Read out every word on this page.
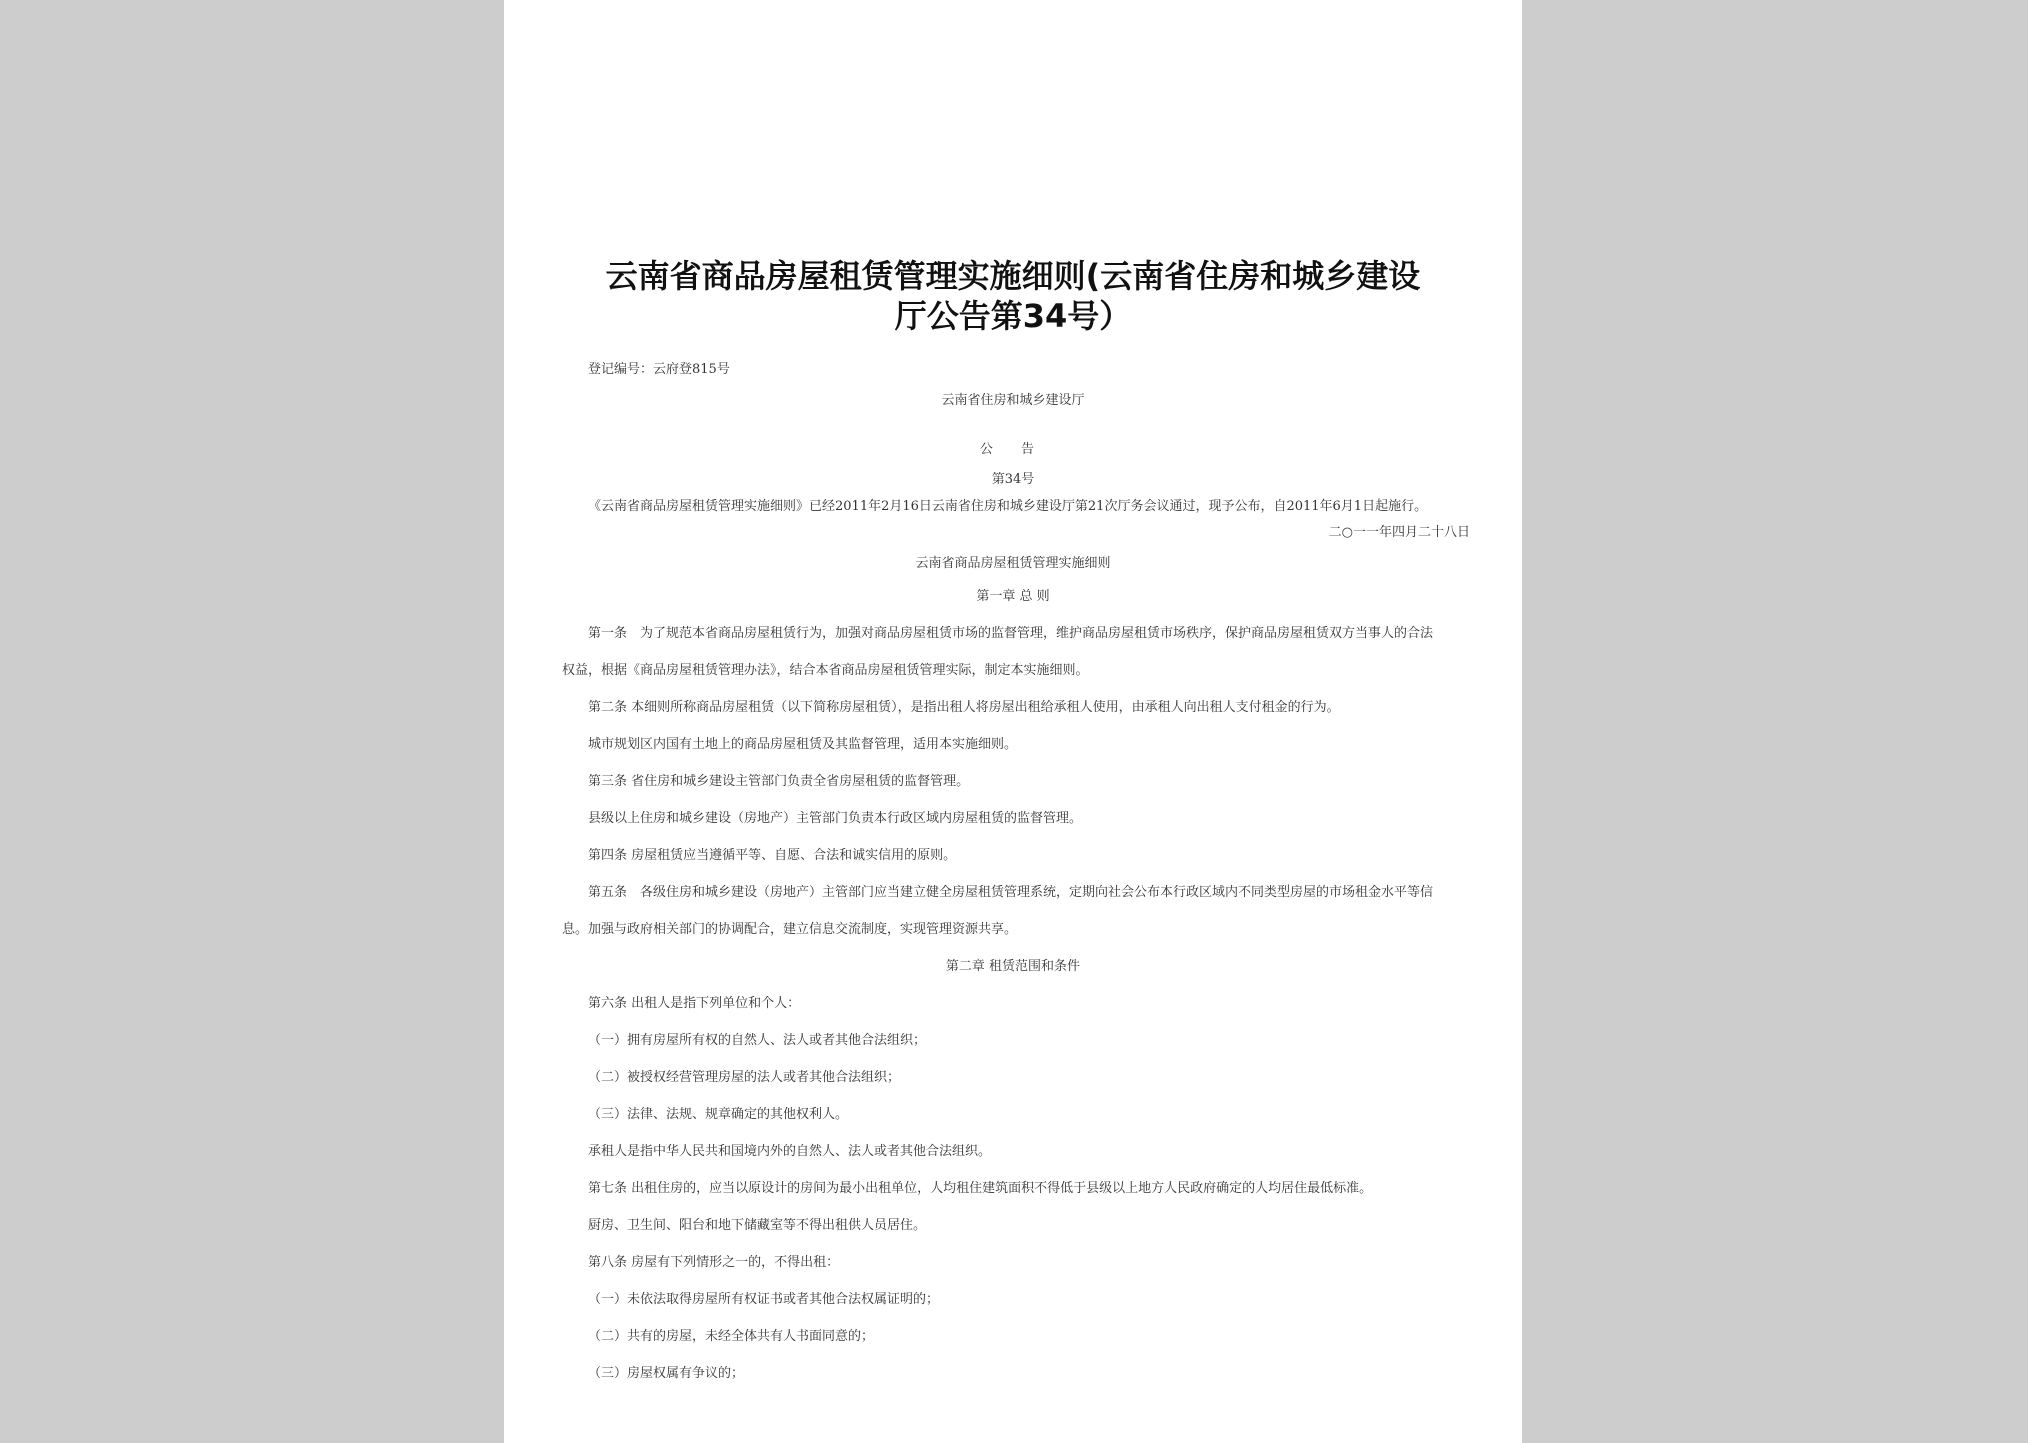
云南省商品房屋租赁管理实施细则(云南省住房和城乡建设
厅公告第34号）
登记编号：云府登815号
云南省住房和城乡建设厅
公 告
第34号
《云南省商品房屋租赁管理实施细则》已经2011年2月16日云南省住房和城乡建设厅第21次厅务会议通过，现予公布，自2011年6月1日起施行。
二○一一年四月二十八日
云南省商品房屋租赁管理实施细则
第一章 总 则
第一条　为了规范本省商品房屋租赁行为，加强对商品房屋租赁市场的监督管理，维护商品房屋租赁市场秩序，保护商品房屋租赁双方当事人的合法
权益，根据《商品房屋租赁管理办法》，结合本省商品房屋租赁管理实际，制定本实施细则。
第二条 本细则所称商品房屋租赁（以下简称房屋租赁），是指出租人将房屋出租给承租人使用，由承租人向出租人支付租金的行为。
城市规划区内国有土地上的商品房屋租赁及其监督管理，适用本实施细则。
第三条 省住房和城乡建设主管部门负责全省房屋租赁的监督管理。
县级以上住房和城乡建设（房地产）主管部门负责本行政区域内房屋租赁的监督管理。
第四条 房屋租赁应当遵循平等、自愿、合法和诚实信用的原则。
第五条　各级住房和城乡建设（房地产）主管部门应当建立健全房屋租赁管理系统，定期向社会公布本行政区域内不同类型房屋的市场租金水平等信
息。加强与政府相关部门的协调配合，建立信息交流制度，实现管理资源共享。
第二章 租赁范围和条件
第六条 出租人是指下列单位和个人：
（一）拥有房屋所有权的自然人、法人或者其他合法组织；
（二）被授权经营管理房屋的法人或者其他合法组织；
（三）法律、法规、规章确定的其他权利人。
承租人是指中华人民共和国境内外的自然人、法人或者其他合法组织。
第七条 出租住房的，应当以原设计的房间为最小出租单位，人均租住建筑面积不得低于县级以上地方人民政府确定的人均居住最低标准。
厨房、卫生间、阳台和地下储藏室等不得出租供人员居住。
第八条 房屋有下列情形之一的，不得出租：
（一）未依法取得房屋所有权证书或者其他合法权属证明的；
（二）共有的房屋，未经全体共有人书面同意的；
（三）房屋权属有争议的；
